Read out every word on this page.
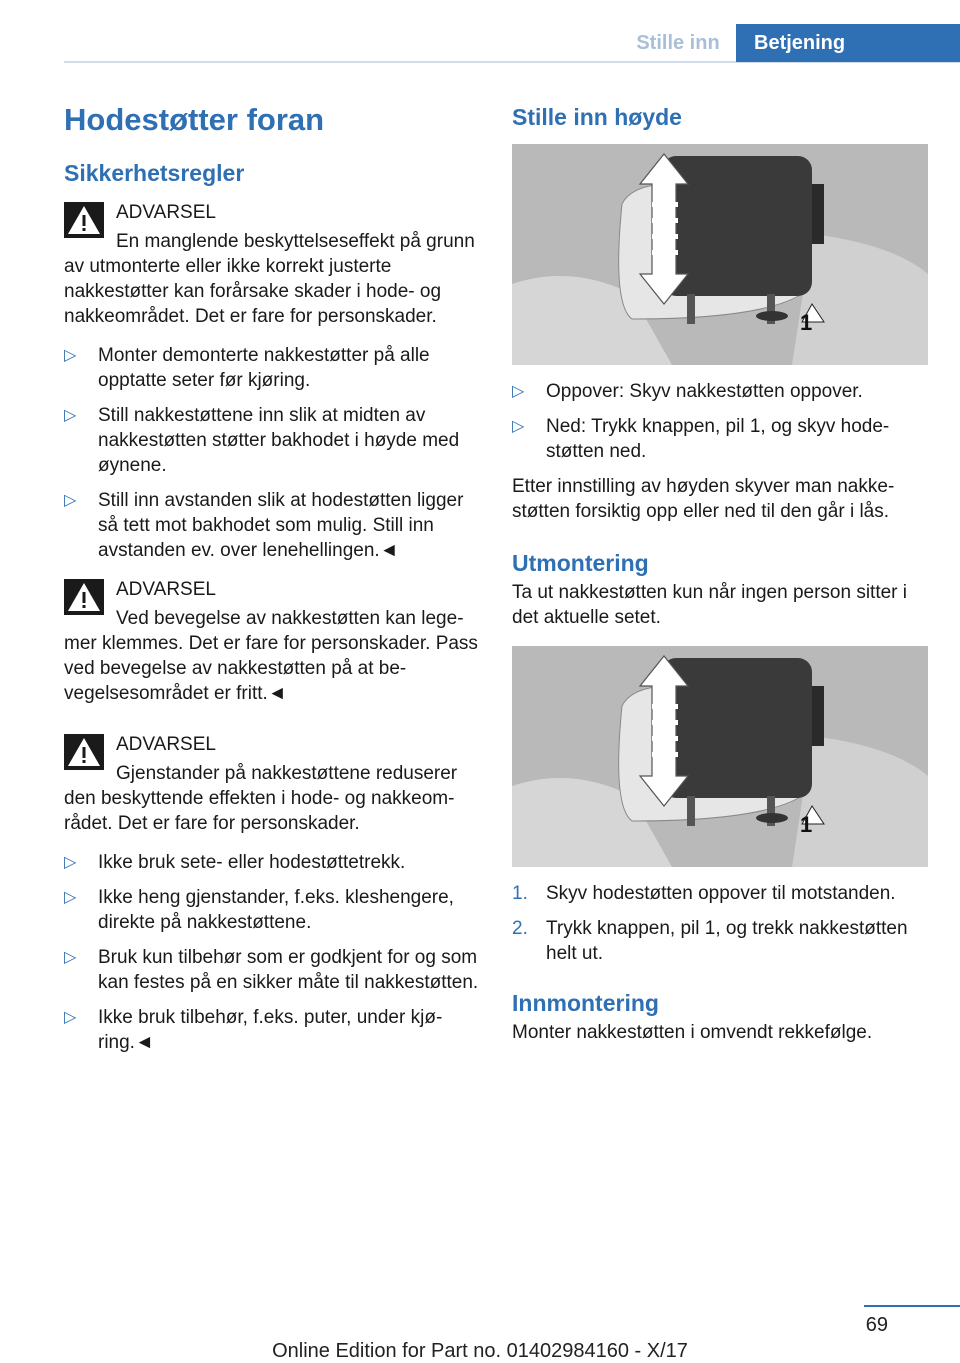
Stille inn	Betjening
Hodestøtter foran
Sikkerhetsregler

ADVARSEL

En manglende beskyttelseseffekt på grunn av utmonterte eller ikke korrekt justerte nakkestøtter kan forårsake skader i hode- og nakkeområdet. Det er fare for personskader.

▷ Monter demonterte nakkestøtter på alle opptatte seter før kjøring.
▷ Still nakkestøttene inn slik at midten av nakkestøtten støtter bakhodet i høyde med øynene.
▷ Still inn avstanden slik at hodestøtten ligger så tett mot bakhodet som mulig. Still inn avstanden ev. over lenehellingen.◄

ADVARSEL

Ved bevegelse av nakkestøtten kan legemer klemmes. Det er fare for personskader. Pass ved bevegelse av nakkestøtten på at bevegelsesområdet er fritt.◄

ADVARSEL

Gjenstander på nakkestøttene reduserer den beskyttende effekten i hode- og nakkeområdet. Det er fare for personskader.

▷ Ikke bruk sete- eller hodestøttetrekk.
▷ Ikke heng gjenstander, f.eks. kleshengere, direkte på nakkestøttene.
▷ Bruk kun tilbehør som er godkjent for og som kan festes på en sikker måte til nakkestøtten.
▷ Ikke bruk tilbehør, f.eks. puter, under kjøring.◄
Stille inn høyde
1
▷ Oppover: Skyv nakkestøtten oppover.
▷ Ned: Trykk knappen, pil 1, og skyv hodestøtten ned.

Etter innstilling av høyden skyver man nakkestøtten forsiktig opp eller ned til den går i lås.

Utmontering

Ta ut nakkestøtten kun når ingen person sitter i det aktuelle setet.

1
1. Skyv hodestøtten oppover til motstanden.
2. Trykk knappen, pil 1, og trekk nakkestøtten helt ut.
Innmontering

Monter nakkestøtten i omvendt rekkefølge.

69
Online Edition for Part no. 01402984160 - X/17
